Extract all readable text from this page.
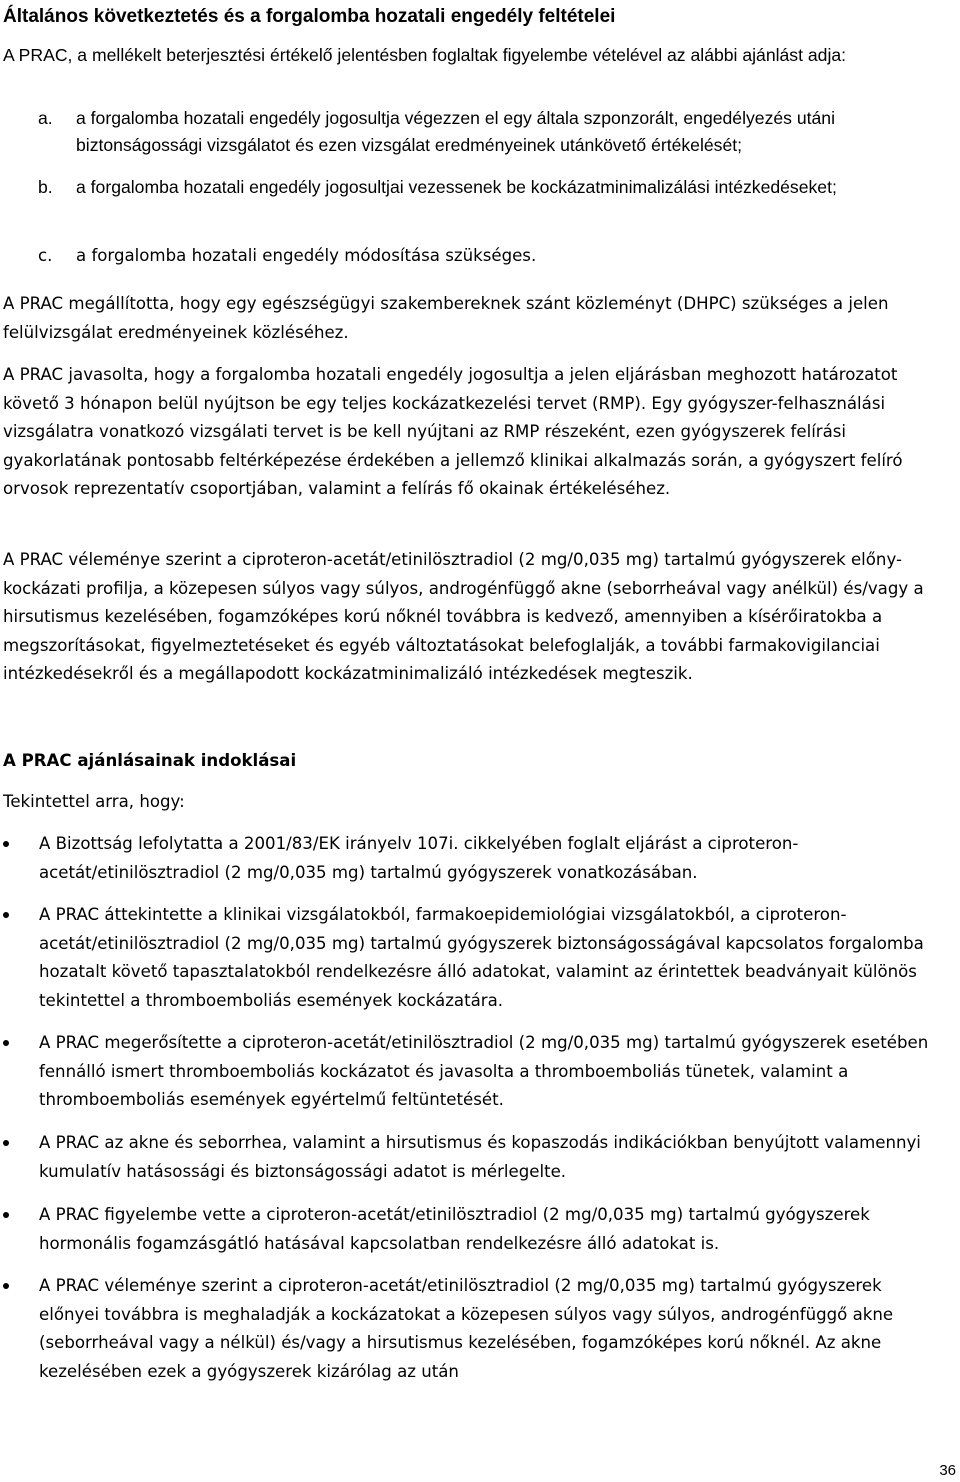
Általános következtetés és a forgalomba hozatali engedély feltételei
A PRAC, a mellékelt beterjesztési értékelő jelentésben foglaltak figyelembe vételével az alábbi ajánlást adja:
a. a forgalomba hozatali engedély jogosultja végezzen el egy általa szponzorált, engedélyezés utáni biztonságossági vizsgálatot és ezen vizsgálat eredményeinek utánkövető értékelését;
b. a forgalomba hozatali engedély jogosultjai vezessenek be kockázatminimalizálási intézkedéseket;
c. a forgalomba hozatali engedély módosítása szükséges.
A PRAC megállította, hogy egy egészségügyi szakembereknek szánt közleményt (DHPC) szükséges a jelen felülvizsgálat eredményeinek közléséhez.
A PRAC javasolta, hogy a forgalomba hozatali engedély jogosultja a jelen eljárásban meghozott határozatot követő 3 hónapon belül nyújtson be egy teljes kockázatkezelési tervet (RMP). Egy gyógyszer-felhasználási vizsgálatra vonatkozó vizsgálati tervet is be kell nyújtani az RMP részeként, ezen gyógyszerek felírási gyakorlatának pontosabb feltérképezése érdekében a jellemző klinikai alkalmazás során, a gyógyszert felíró orvosok reprezentatív csoportjában, valamint a felírás fő okainak értékeléséhez.
A PRAC véleménye szerint a ciproteron-acetát/etinilösztradiol (2 mg/0,035 mg) tartalmú gyógyszerek előny-kockázati profilja, a közepesen súlyos vagy súlyos, androgénfüggő akne (seborrheával vagy anélkül) és/vagy a hirsutismus kezelésében, fogamzóképes korú nőknél továbbra is kedvező, amennyiben a kísérőiratokba a megszorításokat, figyelmeztetéseket és egyéb változtatásokat belefoglalják, a további farmakovigilanciai intézkedésekről és a megállapodott kockázatminimalizáló intézkedések megteszik.
A PRAC ajánlásainak indoklásai
Tekintettel arra, hogy:
A Bizottság lefolytatta a 2001/83/EK irányelv 107i. cikkelyében foglalt eljárást a ciproteron-acetát/etinilösztradiol (2 mg/0,035 mg) tartalmú gyógyszerek vonatkozásában.
A PRAC áttekintette a klinikai vizsgálatokból, farmakoepidemiológiai vizsgálatokból, a ciproteron-acetát/etinilösztradiol (2 mg/0,035 mg) tartalmú gyógyszerek biztonságosságával kapcsolatos forgalomba hozatalt követő tapasztalatokból rendelkezésre álló adatokat, valamint az érintettek beadványait különös tekintettel a thromboemboliás események kockázatára.
A PRAC megerősítette a ciproteron-acetát/etinilösztradiol (2 mg/0,035 mg) tartalmú gyógyszerek esetében fennálló ismert thromboemboliás kockázatot és javasolta a thromboemboliás tünetek, valamint a thromboemboliás események egyértelmű feltüntetését.
A PRAC az akne és seborrhea, valamint a hirsutismus és kopaszodás indikációkban benyújtott valamennyi kumulatív hatásossági és biztonságossági adatot is mérlegelte.
A PRAC figyelembe vette a ciproteron-acetát/etinilösztradiol (2 mg/0,035 mg) tartalmú gyógyszerek hormonális fogamzásgátló hatásával kapcsolatban rendelkezésre álló adatokat is.
A PRAC véleménye szerint a ciproteron-acetát/etinilösztradiol (2 mg/0,035 mg) tartalmú gyógyszerek előnyei továbbra is meghaladják a kockázatokat a közepesen súlyos vagy súlyos, androgénfüggő akne (seborrheával vagy a nélkül) és/vagy a hirsutismus kezelésében, fogamzóképes korú nőknél. Az akne kezelésében ezek a gyógyszerek kizárólag az után
36
